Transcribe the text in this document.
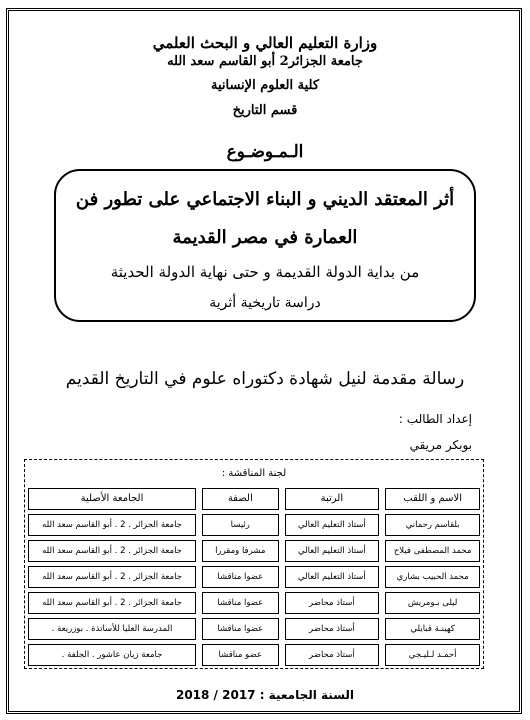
وزارة التعليم العالي و البحث العلمي
جامعة الجزائر2 أبو القاسم سعد الله
كلية العلوم الإنسانية
قسم التاريخ
الـمـوضـوع
أثر المعتقد الديني و البناء الاجتماعي على تطور فن
العمارة في مصر القديمة
من بداية الدولة القديمة و حتى نهاية الدولة الحديثة
دراسة تاريخية أثرية
رسالة مقدمة لنيل شهادة دكتوراه علوم في التاريخ القديم
إعداد الطالب :
بوبكر مريقي
لجنة المناقشة :			

الاسم و اللقب	الرتبة	الصفة	الجامعة الأصلية

بلقاسم رحماني	أستاذ التعليم العالي	رئيسا	جامعة الجزائر . 2 . أبو القاسم سعد الله

محمد المصطفى فيلاح	أستاذ التعليم العالي	مشرفا ومقررا	جامعة الجزائر . 2 . أبو القاسم سعد الله

محمد الحبيب بشاري	أستاذ التعليم العالي	عضوا مناقشا	جامعة الجزائر . 2 . أبو القاسم سعد الله

ليلى بـومريش	أستاذ محاضر	عضوا مناقشا	جامعة الجزائر . 2 . أبو القاسم سعد الله

كهينـة قبايلي	أستاذ محاضر	عضوا مناقشا	المدرسة العليا للأساتذة . بوزريعة .

أحمـد لـليـجي	أستاذ محاضر	عضو مناقشا	جامعة زيان عاشور . الجلفة .
السنة الجامعية : 2017 / 2018
